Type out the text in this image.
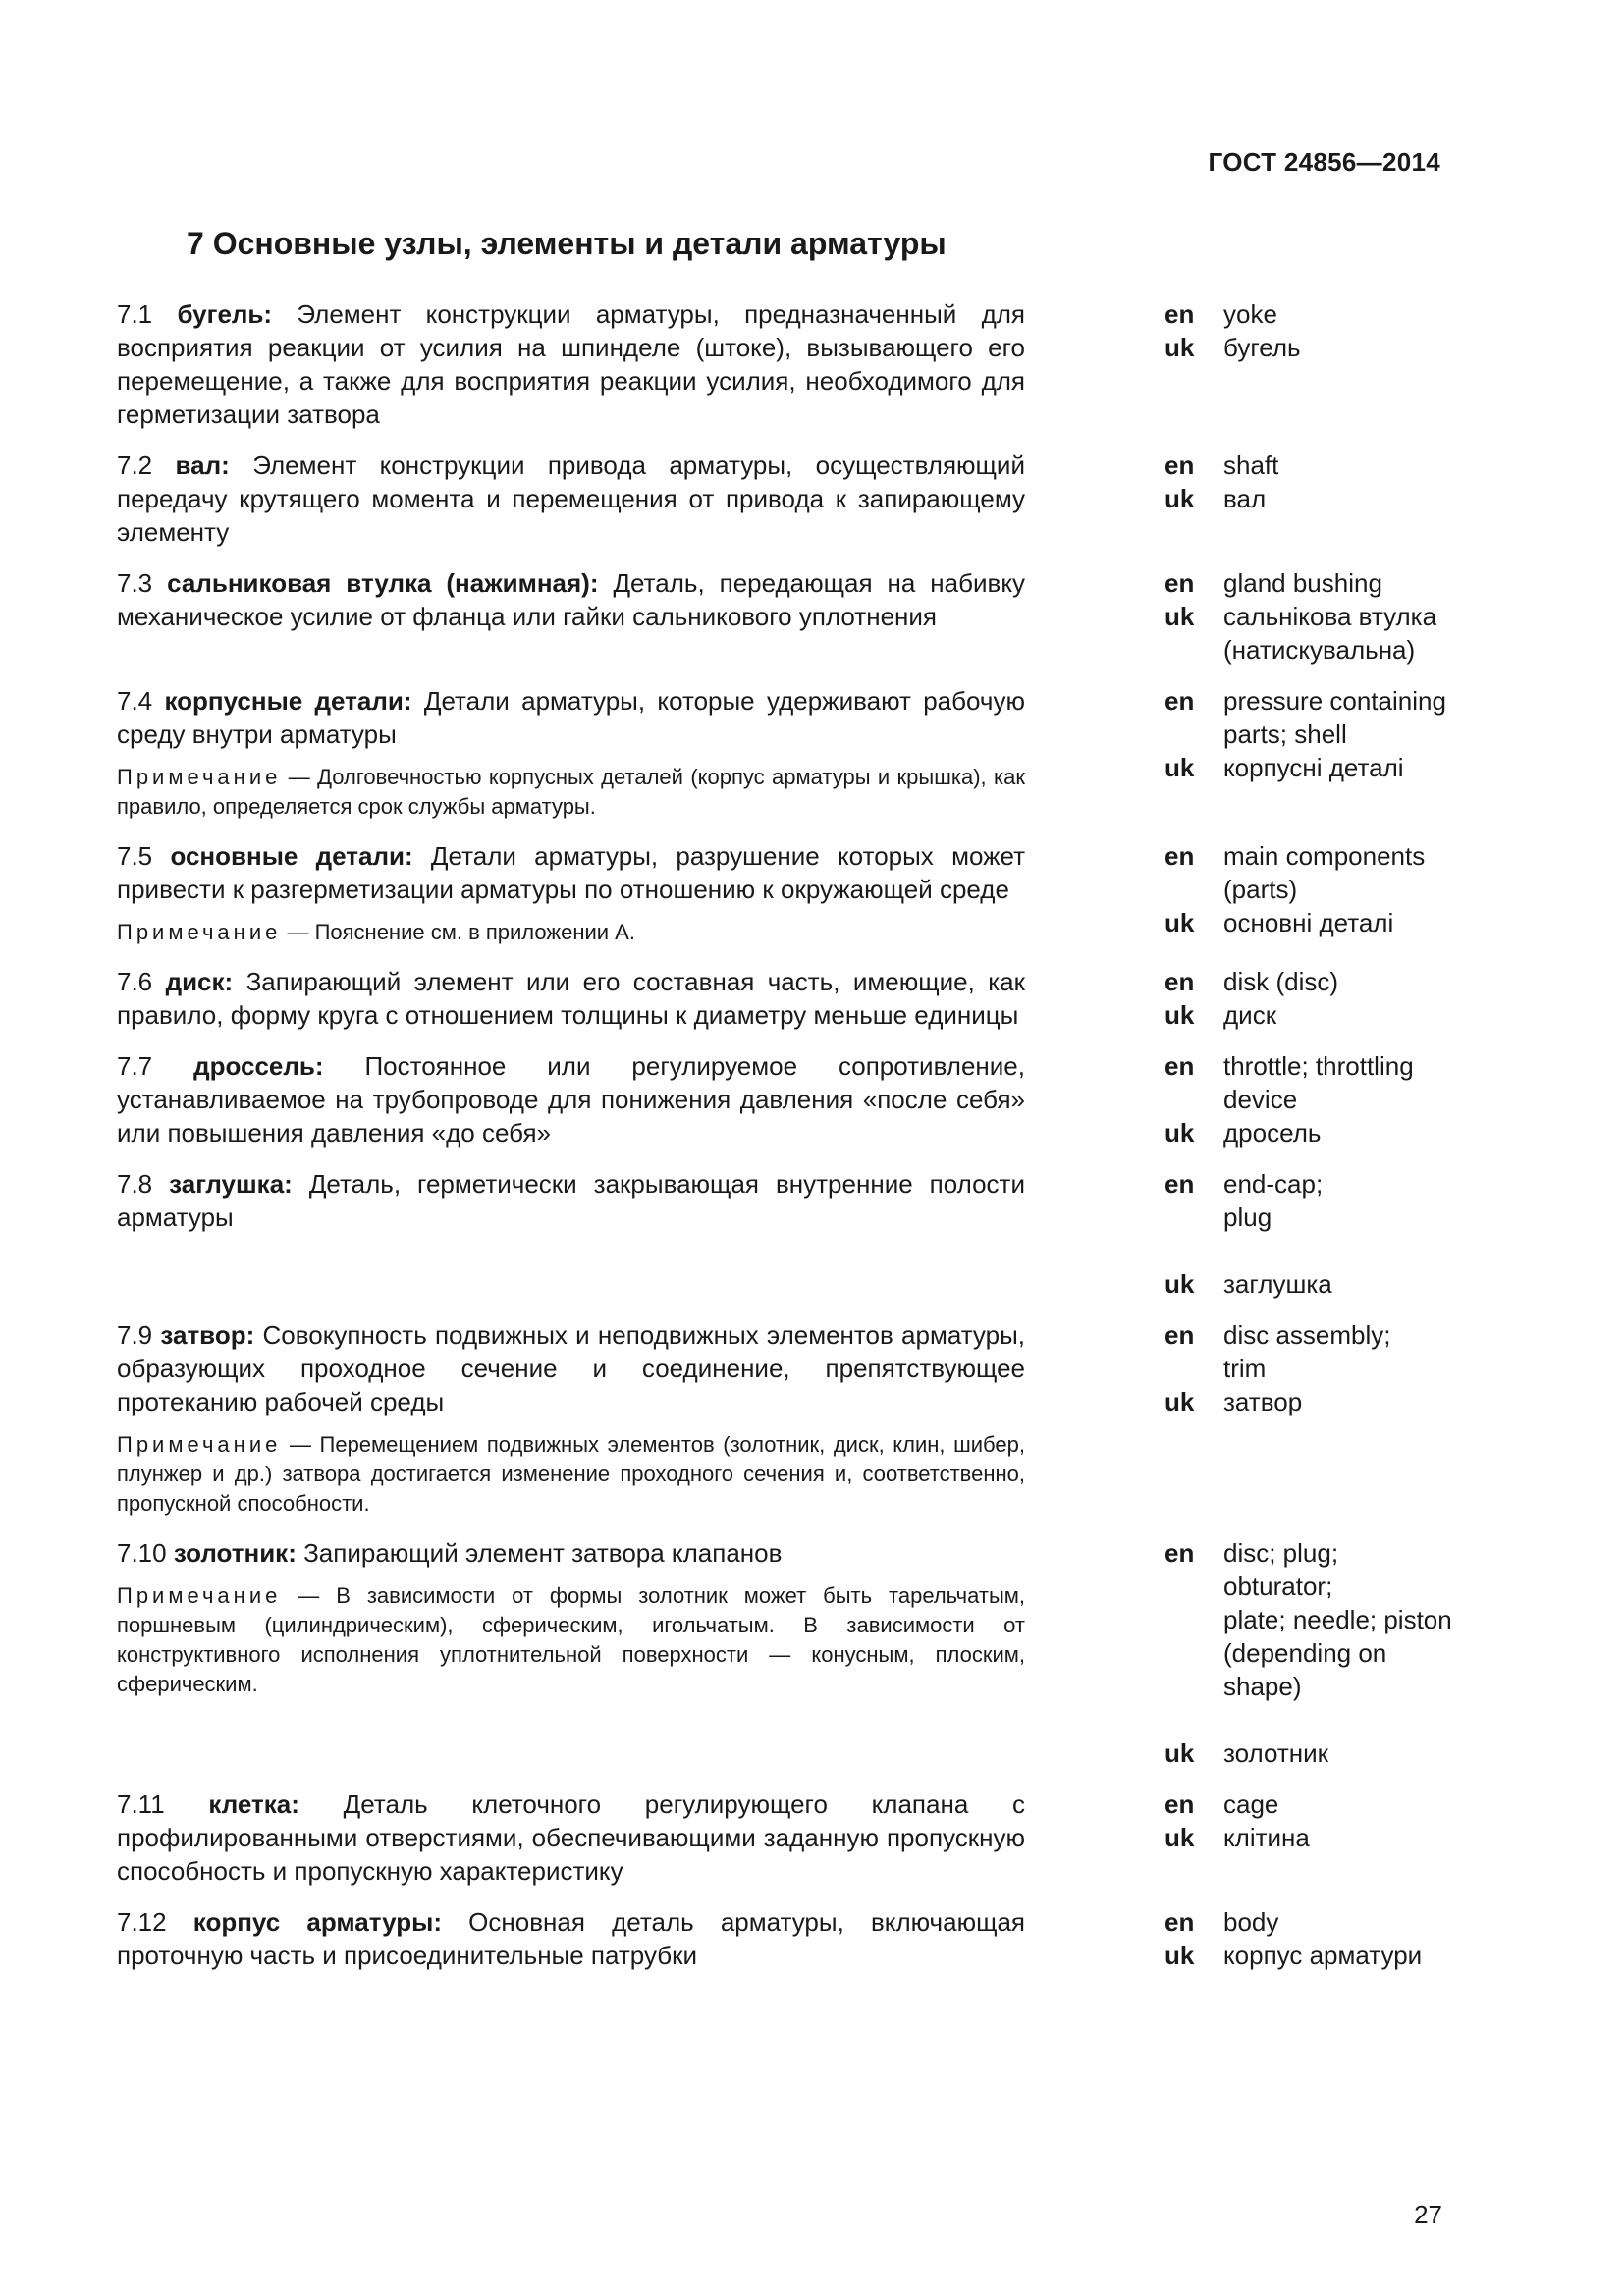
ГОСТ 24856—2014
7 Основные узлы, элементы и детали арматуры

7.1 бугель: Элемент конструкции арматуры, предназначенный для восприятия реакции от усилия на шпинделе (штоке), вызывающего его перемещение, а также для восприятия реакции усилия, необходимого для герметизации затвора

en	yoke
uk	бугель

7.2 вал: Элемент конструкции привода арматуры, осуществляющий передачу крутящего момента и перемещения от привода к запирающему элементу

en	shaft
uk	вал

7.3 сальниковая втулка (нажимная): Деталь, передающая на набивку механическое усилие от фланца или гайки сальникового уплотнения

en	gland bushing
uk	сальнікова втулка
(натискувальна)

7.4 корпусные детали: Детали арматуры, которые удерживают рабочую среду внутри арматуры

Примечание — Долговечностью корпусных деталей (корпус арматуры и крышка), как правило, определяется срок службы арматуры.

en	pressure containing
parts; shell
uk	корпусні деталі

7.5 основные детали: Детали арматуры, разрушение которых может привести к разгерметизации арматуры по отношению к окружающей среде

Примечание — Пояснение см. в приложении А.

en	main components
(parts)
uk	основні деталі

7.6 диск: Запирающий элемент или его составная часть, имеющие, как правило, форму круга с отношением толщины к диаметру меньше единицы

en	disk (disc)
uk	диск

7.7 дроссель: Постоянное или регулируемое сопротивление, устанавливаемое на трубопроводе для понижения давления «после себя» или повышения давления «до себя»

en	throttle; throttling device
uk	дросель

7.8 заглушка: Деталь, герметически закрывающая внутренние полости арматуры

en	end-cap;
plug
uk	заглушка

7.9 затвор: Совокупность подвижных и неподвижных элементов арматуры, образующих проходное сечение и соединение, препятствующее протеканию рабочей среды

Примечание — Перемещением подвижных элементов (золотник, диск, клин, шибер, плунжер и др.) затвора достигается изменение проходного сечения и, соответственно, пропускной способности.

en	disc assembly;
trim
uk	затвор

7.10 золотник: Запирающий элемент затвора клапанов

Примечание — В зависимости от формы золотник может быть тарельчатым, поршневым (цилиндрическим), сферическим, игольчатым. В зависимости от конструктивного исполнения уплотнительной поверхности — конусным, плоским, сферическим.

en	disc; plug; obturator;
plate; needle; piston
(depending on shape)
uk	золотник

7.11 клетка: Деталь клеточного регулирующего клапана с профилированными отверстиями, обеспечивающими заданную пропускную способность и пропускную характеристику

en	cage
uk	клітина

7.12 корпус арматуры: Основная деталь арматуры, включающая проточную часть и присоединительные патрубки

en	body
uk	корпус арматури
27
